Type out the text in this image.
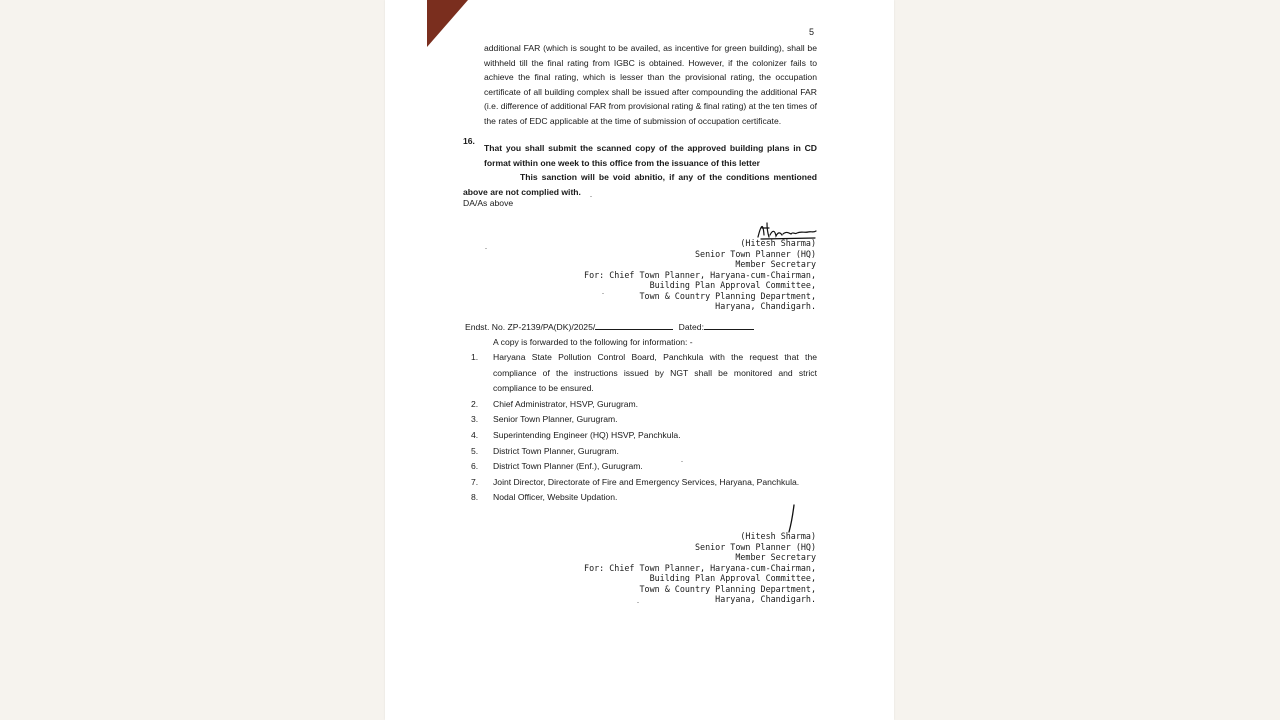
5

additional FAR (which is sought to be availed, as incentive for green building), shall be withheld till the final rating from IGBC is obtained. However, if the colonizer fails to achieve the final rating, which is lesser than the provisional rating, the occupation certificate of all building complex shall be issued after compounding the additional FAR (i.e. difference of additional FAR from provisional rating & final rating) at the ten times of the rates of EDC applicable at the time of submission of occupation certificate.

16.

That you shall submit the scanned copy of the approved building plans in CD format within one week to this office from the issuance of this letter

This sanction will be void abnitio, if any of the conditions mentioned above are not complied with.

DA/As above
(Hitesh Sharma)
Senior Town Planner (HQ)
Member Secretary
For: Chief Town Planner, Haryana-cum-Chairman,
Building Plan Approval Committee,
Town & Country Planning Department,
Haryana, Chandigarh.
Endst. No. ZP-2139/PA(DK)/2025/	Dated:
A copy is forwarded to the following for information: -
1.	Haryana State Pollution Control Board, Panchkula with the request that the compliance of the instructions issued by NGT shall be monitored and strict compliance to be ensured.
2.	Chief Administrator, HSVP, Gurugram.
3.	Senior Town Planner, Gurugram.
4.	Superintending Engineer (HQ) HSVP, Panchkula.
5.	District Town Planner, Gurugram.
6.	District Town Planner (Enf.), Gurugram.
7.	Joint Director, Directorate of Fire and Emergency Services, Haryana, Panchkula.
8.	Nodal Officer, Website Updation.
(Hitesh Sharma)
Senior Town Planner (HQ)
Member Secretary
For: Chief Town Planner, Haryana-cum-Chairman,
Building Plan Approval Committee,
Town & Country Planning Department,
Haryana, Chandigarh.
